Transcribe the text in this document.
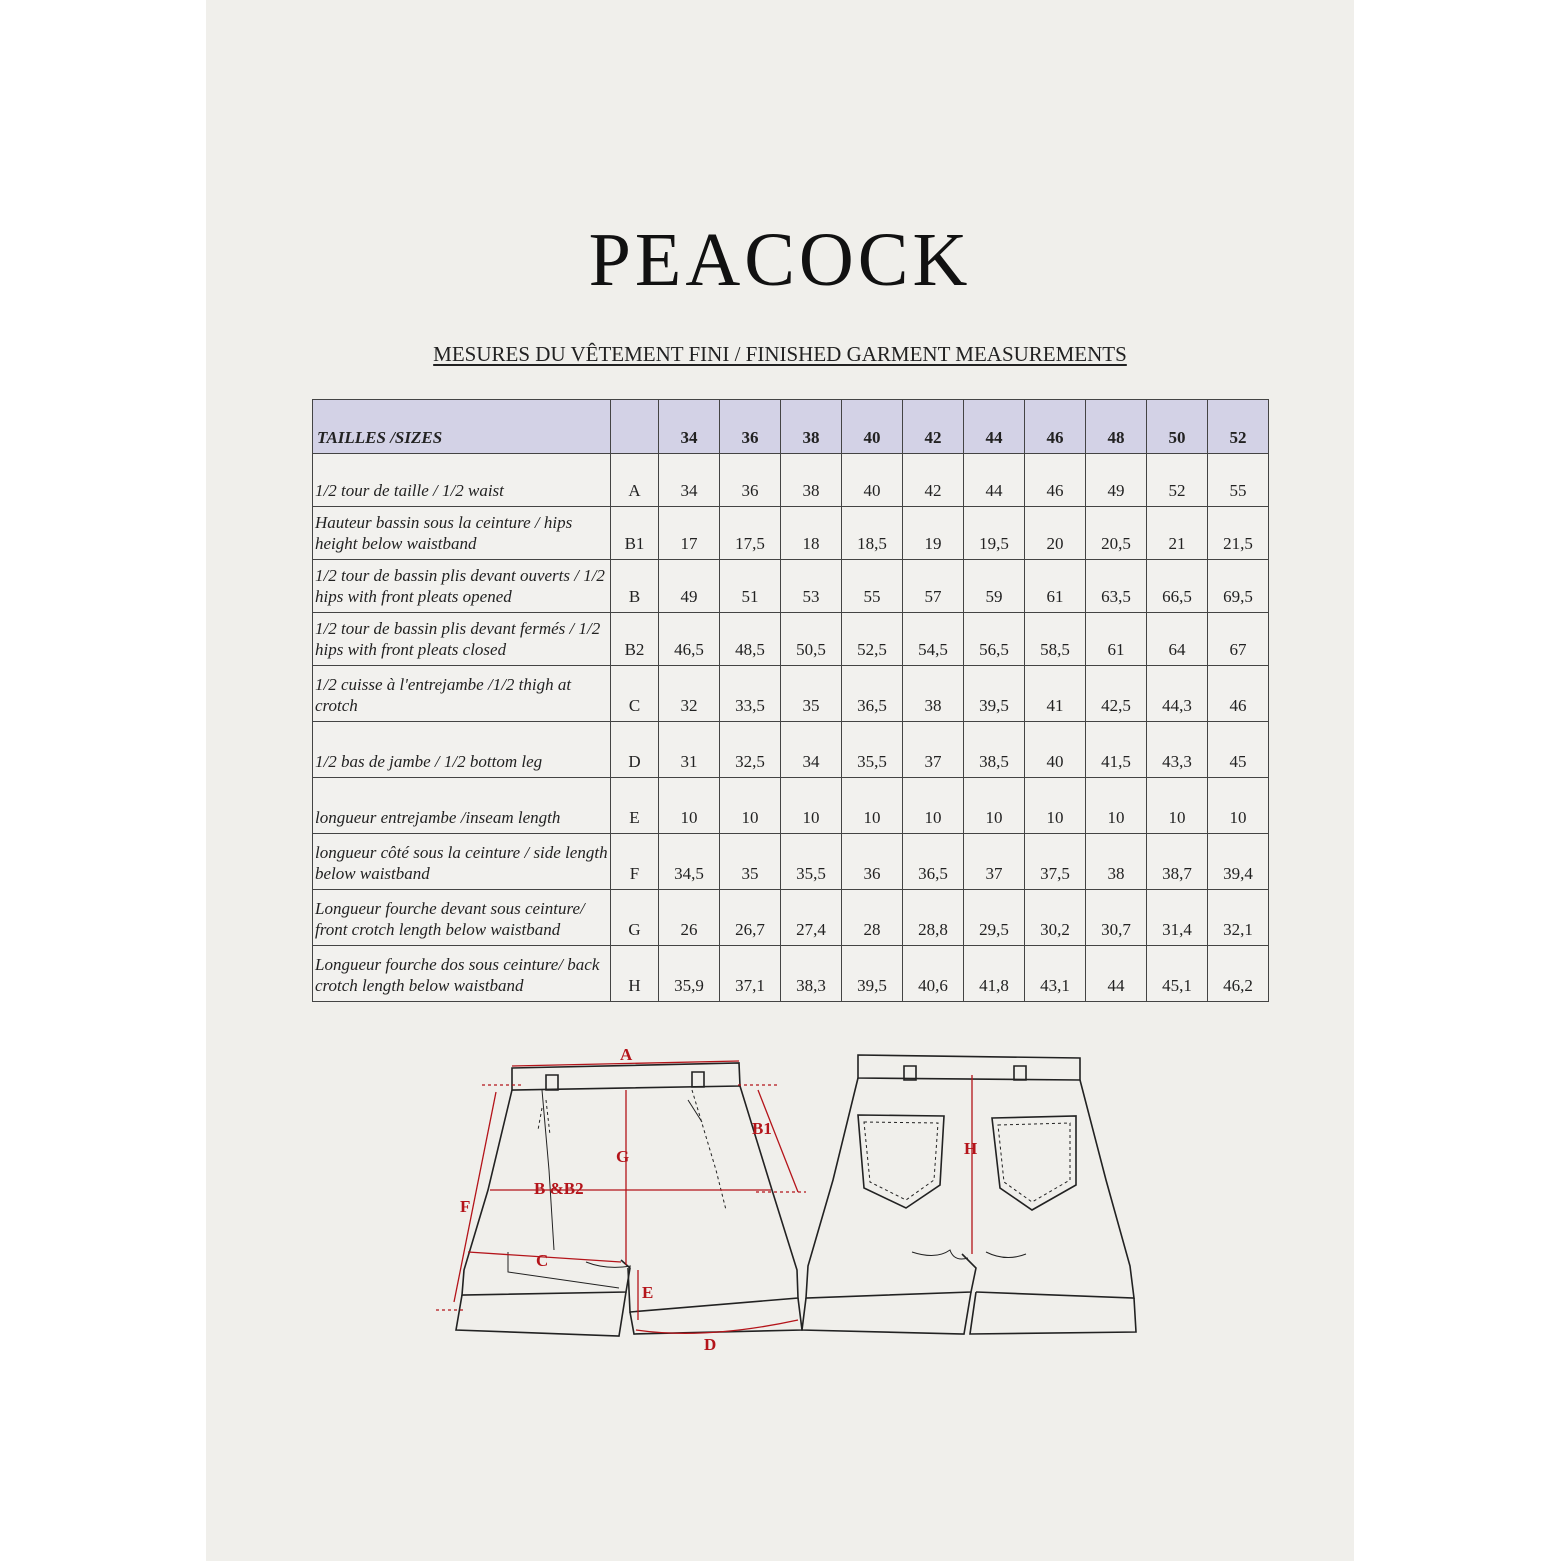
PEACOCK
MESURES DU VÊTEMENT FINI / FINISHED GARMENT MEASUREMENTS
TAILLES /SIZES		34	36	38	40	42	44	46	48	50	52
1/2 tour de taille / 1/2 waist	A	34	36	38	40	42	44	46	49	52	55
Hauteur bassin sous la ceinture / hips height below waistband	B1	17	17,5	18	18,5	19	19,5	20	20,5	21	21,5
1/2 tour de bassin plis devant ouverts / 1/2 hips with front pleats opened	B	49	51	53	55	57	59	61	63,5	66,5	69,5
1/2 tour de bassin plis devant fermés / 1/2 hips with front pleats closed	B2	46,5	48,5	50,5	52,5	54,5	56,5	58,5	61	64	67
1/2 cuisse à l'entrejambe /1/2 thigh at crotch	C	32	33,5	35	36,5	38	39,5	41	42,5	44,3	46
1/2 bas de jambe / 1/2 bottom leg	D	31	32,5	34	35,5	37	38,5	40	41,5	43,3	45
longueur entrejambe /inseam length	E	10	10	10	10	10	10	10	10	10	10
longueur côté sous la ceinture / side length below waistband	F	34,5	35	35,5	36	36,5	37	37,5	38	38,7	39,4
Longueur fourche devant sous ceinture/ front crotch length below waistband	G	26	26,7	27,4	28	28,8	29,5	30,2	30,7	31,4	32,1
Longueur fourche dos sous ceinture/ back crotch length below waistband	H	35,9	37,1	38,3	39,5	40,6	41,8	43,1	44	45,1	46,2
A
B1
G
B &B2
F
C
E
D
H
